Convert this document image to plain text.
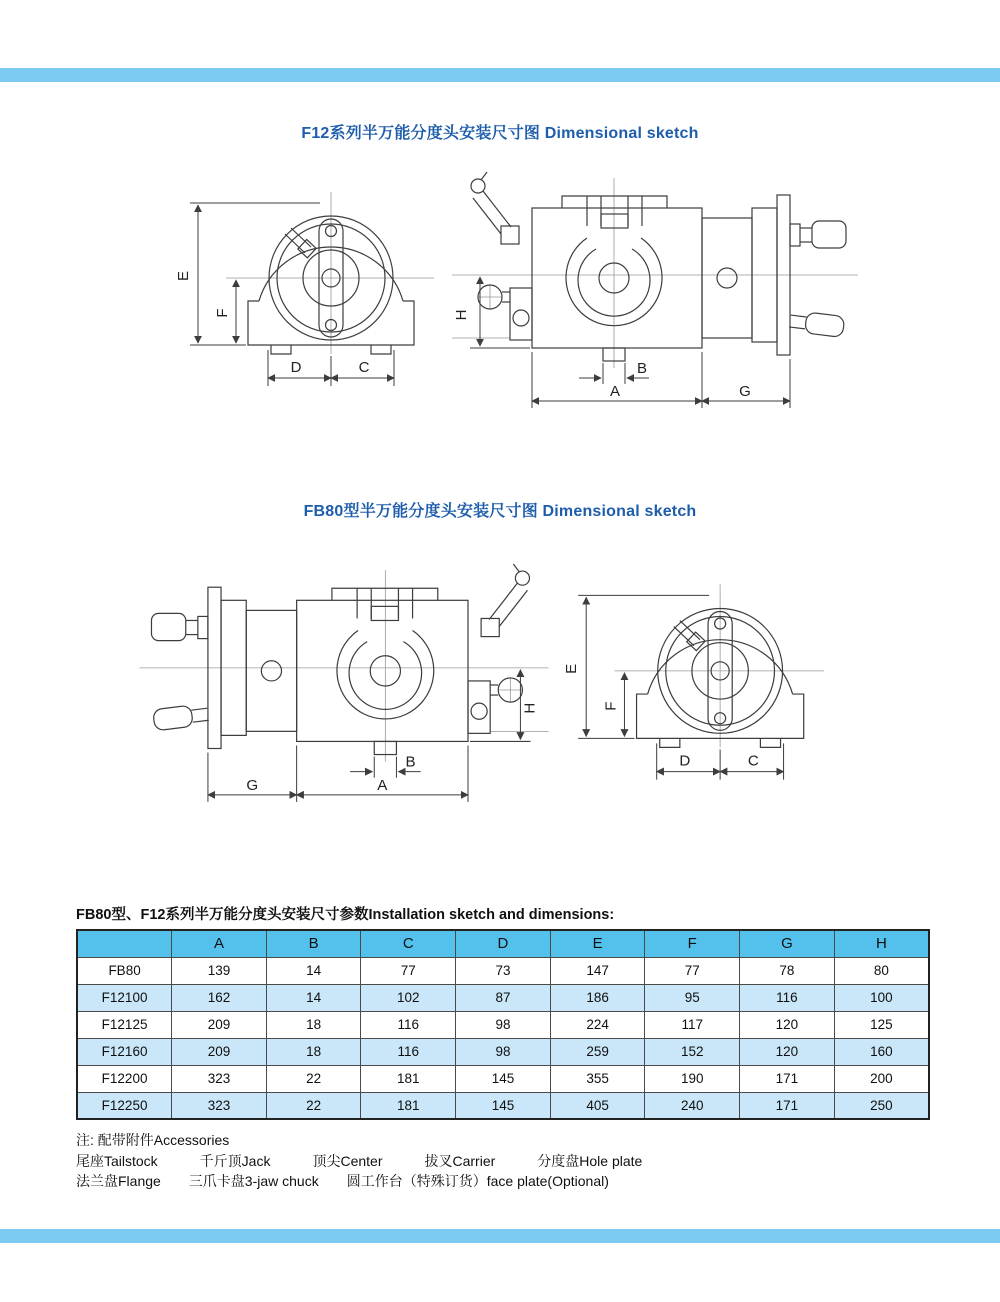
F12系列半万能分度头安装尺寸图 Dimensional sketch
E
F
D	C
H
B
A	G
FB80型半万能分度头安装尺寸图 Dimensional sketch
H
B
A
G
E
F
D	C
FB80型、F12系列半万能分度头安装尺寸参数Installation sketch and dimensions:
	A	B	C	D	E	F	G	H
FB80	139	14	77	73	147	77	78	80
F12100	162	14	102	87	186	95	116	100
F12125	209	18	116	98	224	117	120	125
F12160	209	18	116	98	259	152	120	160
F12200	323	22	181	145	355	190	171	200
F12250	323	22	181	145	405	240	171	250
注: 配带附件Accessories
尾座Tailstock　　　千斤顶Jack　　　顶尖Center　　　拔叉Carrier　　　分度盘Hole plate
法兰盘Flange　　三爪卡盘3-jaw chuck　　圆工作台（特殊订货）face plate(Optional)
